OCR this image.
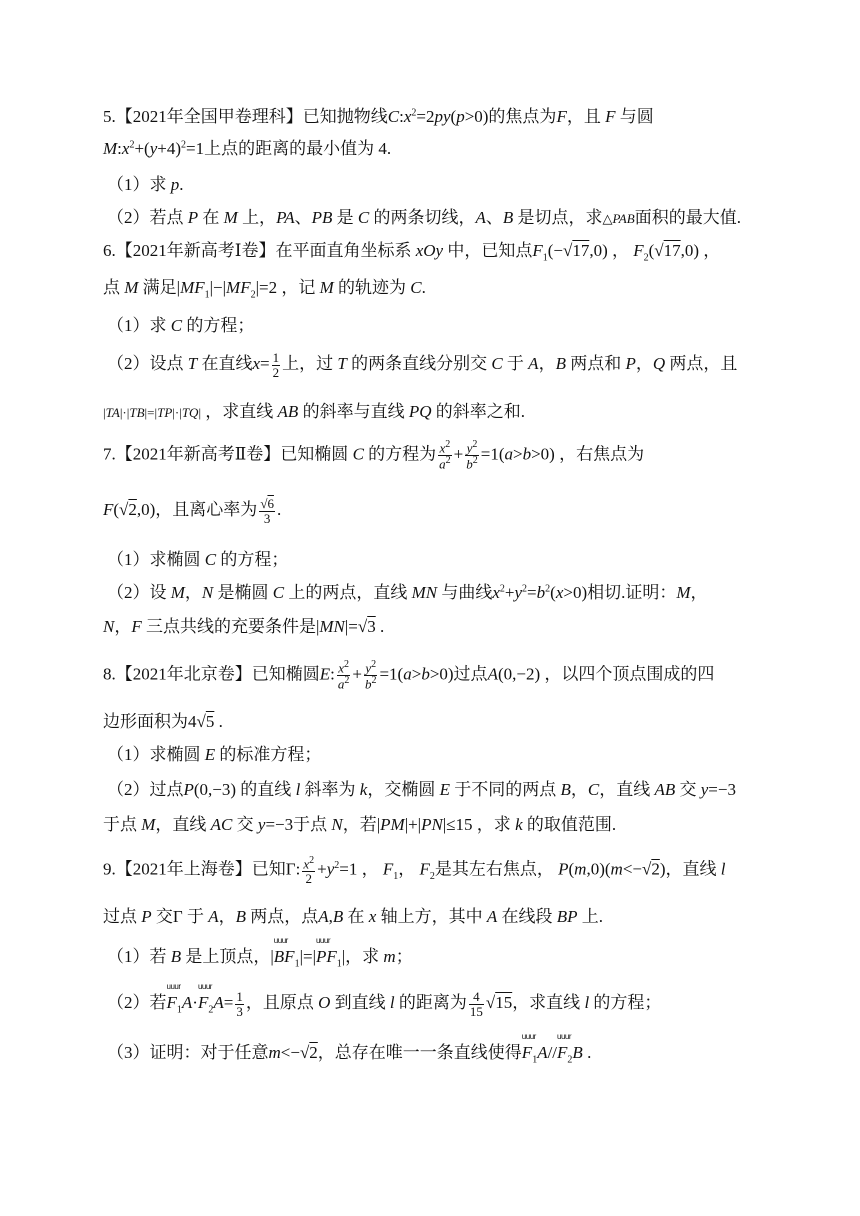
5.【2021年全国甲卷理科】已知抛物线$C:x^2=2py(p>0)$的焦点为F，且 F 与圆
$M:x^2+(y+4)^2=1$上点的距离的最小值为 4.
（1）求 p.
（2）若点 P 在 M 上，PA、PB 是 C 的两条切线，A、B 是切点，求△PAB面积的最大值.
6.【2021年新高考Ⅰ卷】在平面直角坐标系 xOy 中，已知点$F_1(-√17,0)$ ， $F_2(√17,0)$ ，
点 M 满足$|MF_1|-|MF_2|=2$ ，记 M 的轨迹为 C.
（1）求 C 的方程；
（2）设点 T 在直线$x= \frac{1}{2}$ 上，过 T 的两条直线分别交 C 于 A，B 两点和 P，Q 两点，且
|TA|·|TB|=|TP|·|TQ| ，求直线 AB 的斜率与直线 PQ 的斜率之和.
7.【2021年新高考Ⅱ卷】已知椭圆 C 的方程为 $\frac{x^2}{a^2} + \frac{y^2}{b^2} =1(a>b>0)$ ，右焦点为
F(√2,0)，且离心率为 $\frac{√6}{3}$ .
（1）求椭圆 C 的方程；
（2）设 M，N 是椭圆 C 上的两点，直线 MN 与曲线$x^2+y^2=b^2(x>0)$相切.证明：M，
N，F 三点共线的充要条件是|MN|=√3 .
8.【2021年北京卷】已知椭圆E: $\frac{x^2}{a^2} + \frac{y^2}{b^2} =1(a>b>0)$过点A(0,−2) ，以四个顶点围成的四
边形面积为4√5 .
（1）求椭圆 E 的标准方程；
（2）过点P(0,−3) 的直线 l 斜率为 k，交椭圆 E 于不同的两点 B，C，直线 AB 交 y=−3
于点 M，直线 AC 交 y=−3于点 N，若|PM|+|PN|≤15 ，求 k 的取值范围.
9.【2021年上海卷】已知Γ: $\frac{x^2}{2} +y^2=1$ ， $F_1$， $F_2$是其左右焦点， P(m,0)(m<−√2)，直线 l
过点 P 交Γ 于 A，B 两点，点A,B 在 x 轴上方，其中 A 在线段 BP 上.
（1）若 B 是上顶点，|uuur $BF_1|=|uuur$ $PF_1|$，求 m；
（2）若uuur $F_1A\cdot uuur$ $F_2A= \frac{1}{3}$ ，且原点 O 到直线 l 的距离为 $\frac{4}{15} √15$，求直线 l 的方程；
（3）证明：对于任意m<−√2，总存在唯一一条直线使得uuur $F_1A/$/uuur $F_2B$ .
